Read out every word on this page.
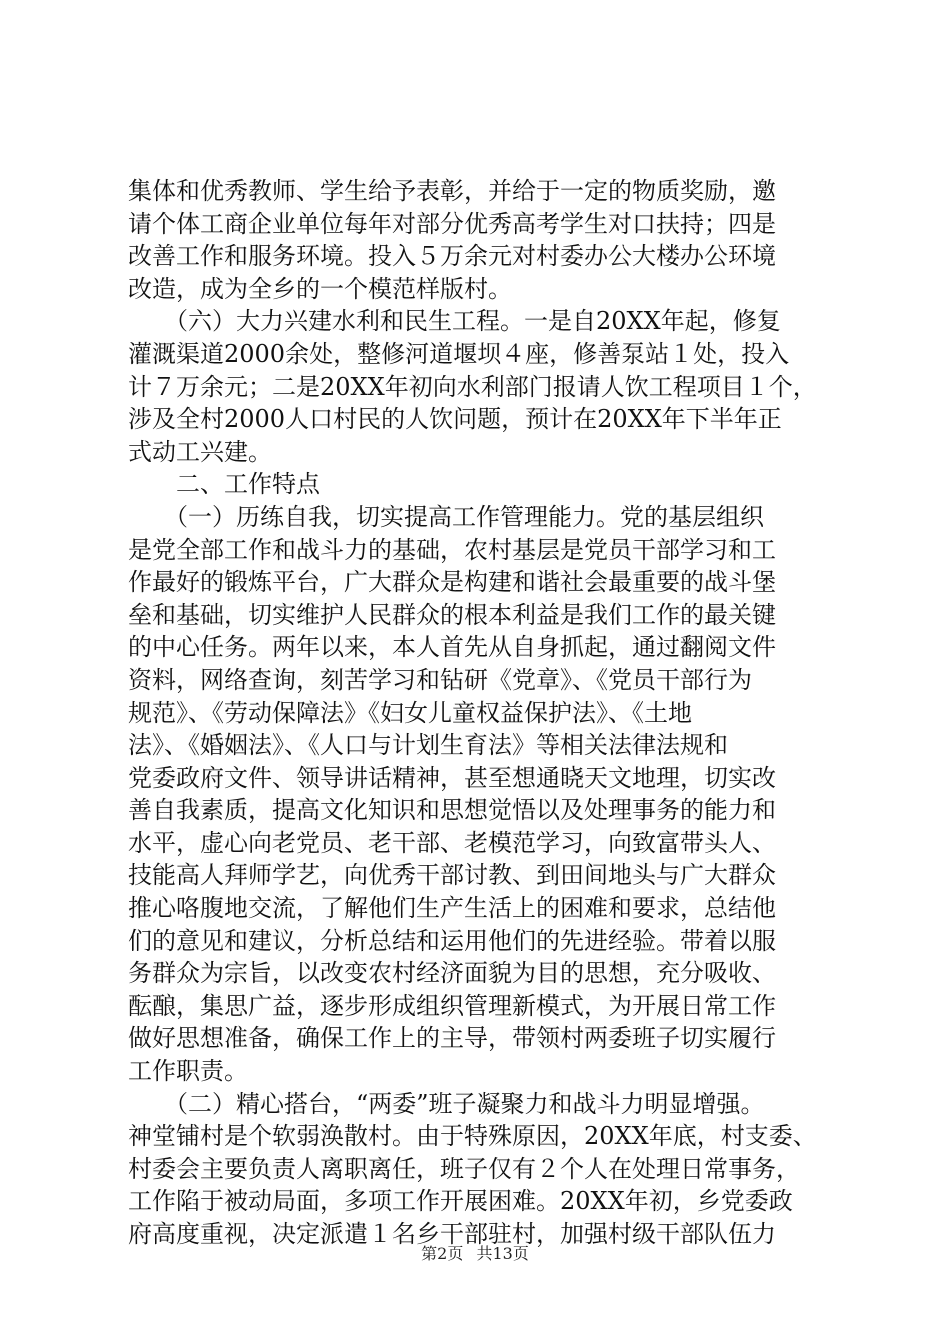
集体和优秀教师、学生给予表彰，并给于一定的物质奖励，邀
请个体工商企业单位每年对部分优秀高考学生对口扶持；四是
改善工作和服务环境。投入５万余元对村委办公大楼办公环境
改造，成为全乡的一个模范样版村。
　　（六）大力兴建水利和民生工程。一是自20XX年起，修复
灌溉渠道2000余处，整修河道堰坝４座，修善泵站１处，投入
计７万余元；二是20XX年初向水利部门报请人饮工程项目１个，
涉及全村2000人口村民的人饮问题，预计在20XX年下半年正
式动工兴建。
　　二、工作特点
　　（一）历练自我，切实提高工作管理能力。党的基层组织
是党全部工作和战斗力的基础，农村基层是党员干部学习和工
作最好的锻炼平台，广大群众是构建和谐社会最重要的战斗堡
垒和基础，切实维护人民群众的根本利益是我们工作的最关键
的中心任务。两年以来，本人首先从自身抓起，通过翻阅文件
资料，网络查询，刻苦学习和钻研《党章》、《党员干部行为
规范》、《劳动保障法》《妇女儿童权益保护法》、《土地
法》、《婚姻法》、《人口与计划生育法》等相关法律法规和
党委政府文件、领导讲话精神，甚至想通晓天文地理，切实改
善自我素质，提高文化知识和思想觉悟以及处理事务的能力和
水平，虚心向老党员、老干部、老模范学习，向致富带头人、
技能高人拜师学艺，向优秀干部讨教、到田间地头与广大群众
推心咯腹地交流，了解他们生产生活上的困难和要求，总结他
们的意见和建议，分析总结和运用他们的先进经验。带着以服
务群众为宗旨，以改变农村经济面貌为目的思想，充分吸收、
酝酿，集思广益，逐步形成组织管理新模式，为开展日常工作
做好思想准备，确保工作上的主导，带领村两委班子切实履行
工作职责。
　　（二）精心搭台，“两委”班子凝聚力和战斗力明显增强。
神堂铺村是个软弱涣散村。由于特殊原因，20XX年底，村支委、
村委会主要负责人离职离任，班子仅有２个人在处理日常事务，
工作陷于被动局面，多项工作开展困难。20XX年初，乡党委政
府高度重视，决定派遣１名乡干部驻村，加强村级干部队伍力
第2页 共13页
